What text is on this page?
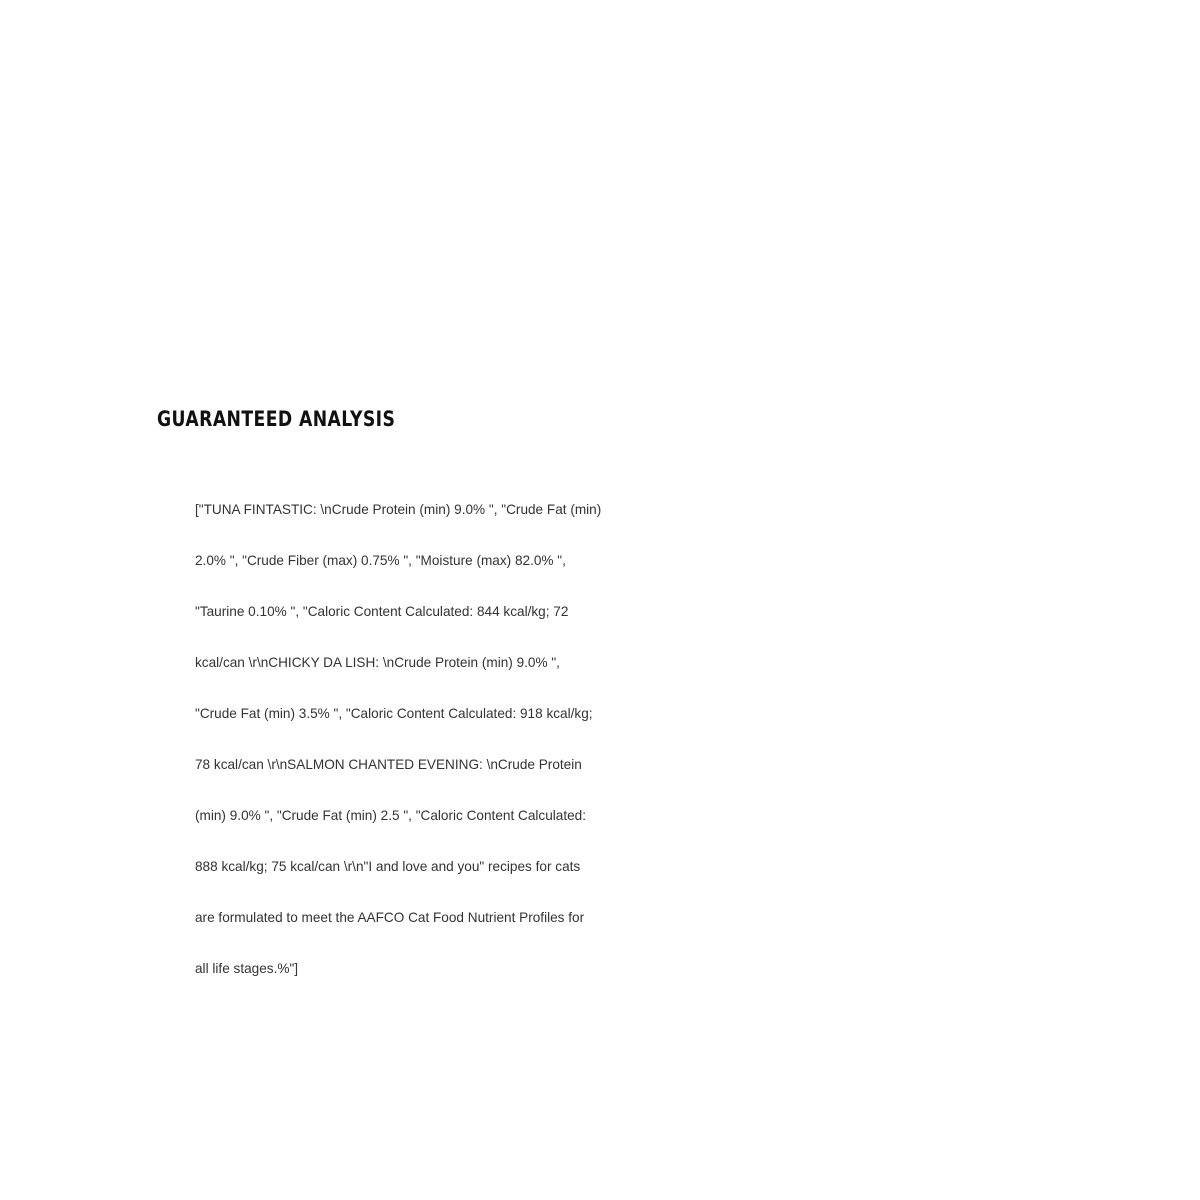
GUARANTEED ANALYSIS

["TUNA FINTASTIC: \nCrude Protein (min) 9.0% ", "Crude Fat (min)

2.0% ", "Crude Fiber (max) 0.75% ", "Moisture (max) 82.0% ",

"Taurine 0.10% ", "Caloric Content Calculated: 844 kcal/kg; 72

kcal/can \r\nCHICKY DA LISH: \nCrude Protein (min) 9.0% ",

"Crude Fat (min) 3.5% ", "Caloric Content Calculated: 918 kcal/kg;

78 kcal/can \r\nSALMON CHANTED EVENING: \nCrude Protein

(min) 9.0% ", "Crude Fat (min) 2.5 ", "Caloric Content Calculated:

888 kcal/kg; 75 kcal/can \r\n"I and love and you" recipes for cats

are formulated to meet the AAFCO Cat Food Nutrient Profiles for

all life stages.%"]
